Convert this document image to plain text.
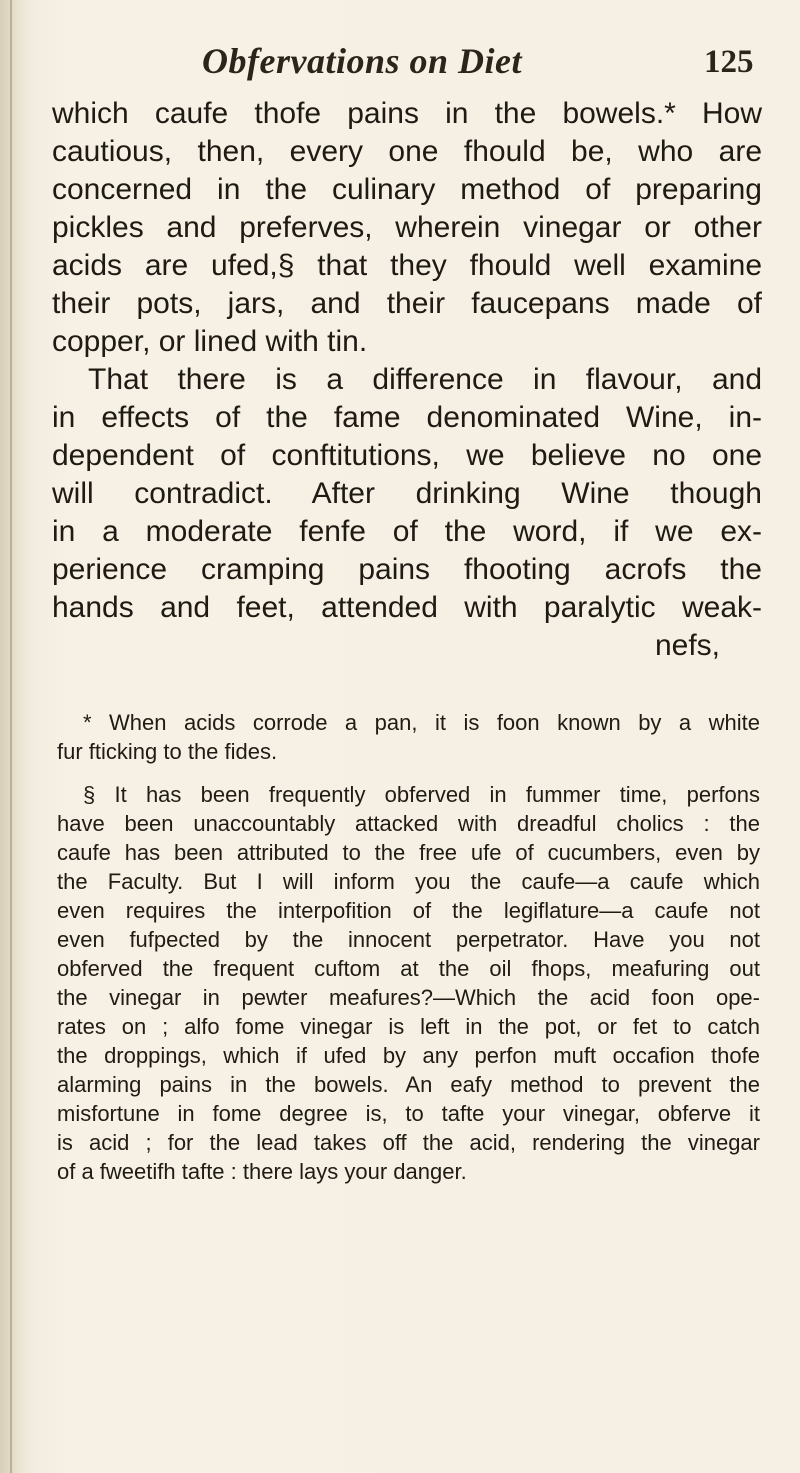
Obfervations on Diet	125
which caufe thofe pains in the bowels.* How
cautious, then, every one fhould be, who are
concerned in the culinary method of preparing
pickles and preferves, wherein vinegar or other
acids are ufed,§ that they fhould well examine
their pots, jars, and their faucepans made of
copper, or lined with tin.
That there is a difference in flavour, and
in effects of the fame denominated Wine, in-
dependent of conftitutions, we believe no one
will contradict. After drinking Wine though
in a moderate fenfe of the word, if we ex-
perience cramping pains fhooting acrofs the
hands and feet, attended with paralytic weak-
nefs,
* When acids corrode a pan, it is foon known by a white
fur fticking to the fides.
§ It has been frequently obferved in fummer time, perfons
have been unaccountably attacked with dreadful cholics : the
caufe has been attributed to the free ufe of cucumbers, even by
the Faculty. But I will inform you the caufe—a caufe which
even requires the interpofition of the legiflature—a caufe not
even fufpected by the innocent perpetrator. Have you not
obferved the frequent cuftom at the oil fhops, meafuring out
the vinegar in pewter meafures?—Which the acid foon ope-
rates on ; alfo fome vinegar is left in the pot, or fet to catch
the droppings, which if ufed by any perfon muft occafion thofe
alarming pains in the bowels. An eafy method to prevent the
misfortune in fome degree is, to tafte your vinegar, obferve it
is acid ; for the lead takes off the acid, rendering the vinegar
of a fweetifh tafte : there lays your danger.
